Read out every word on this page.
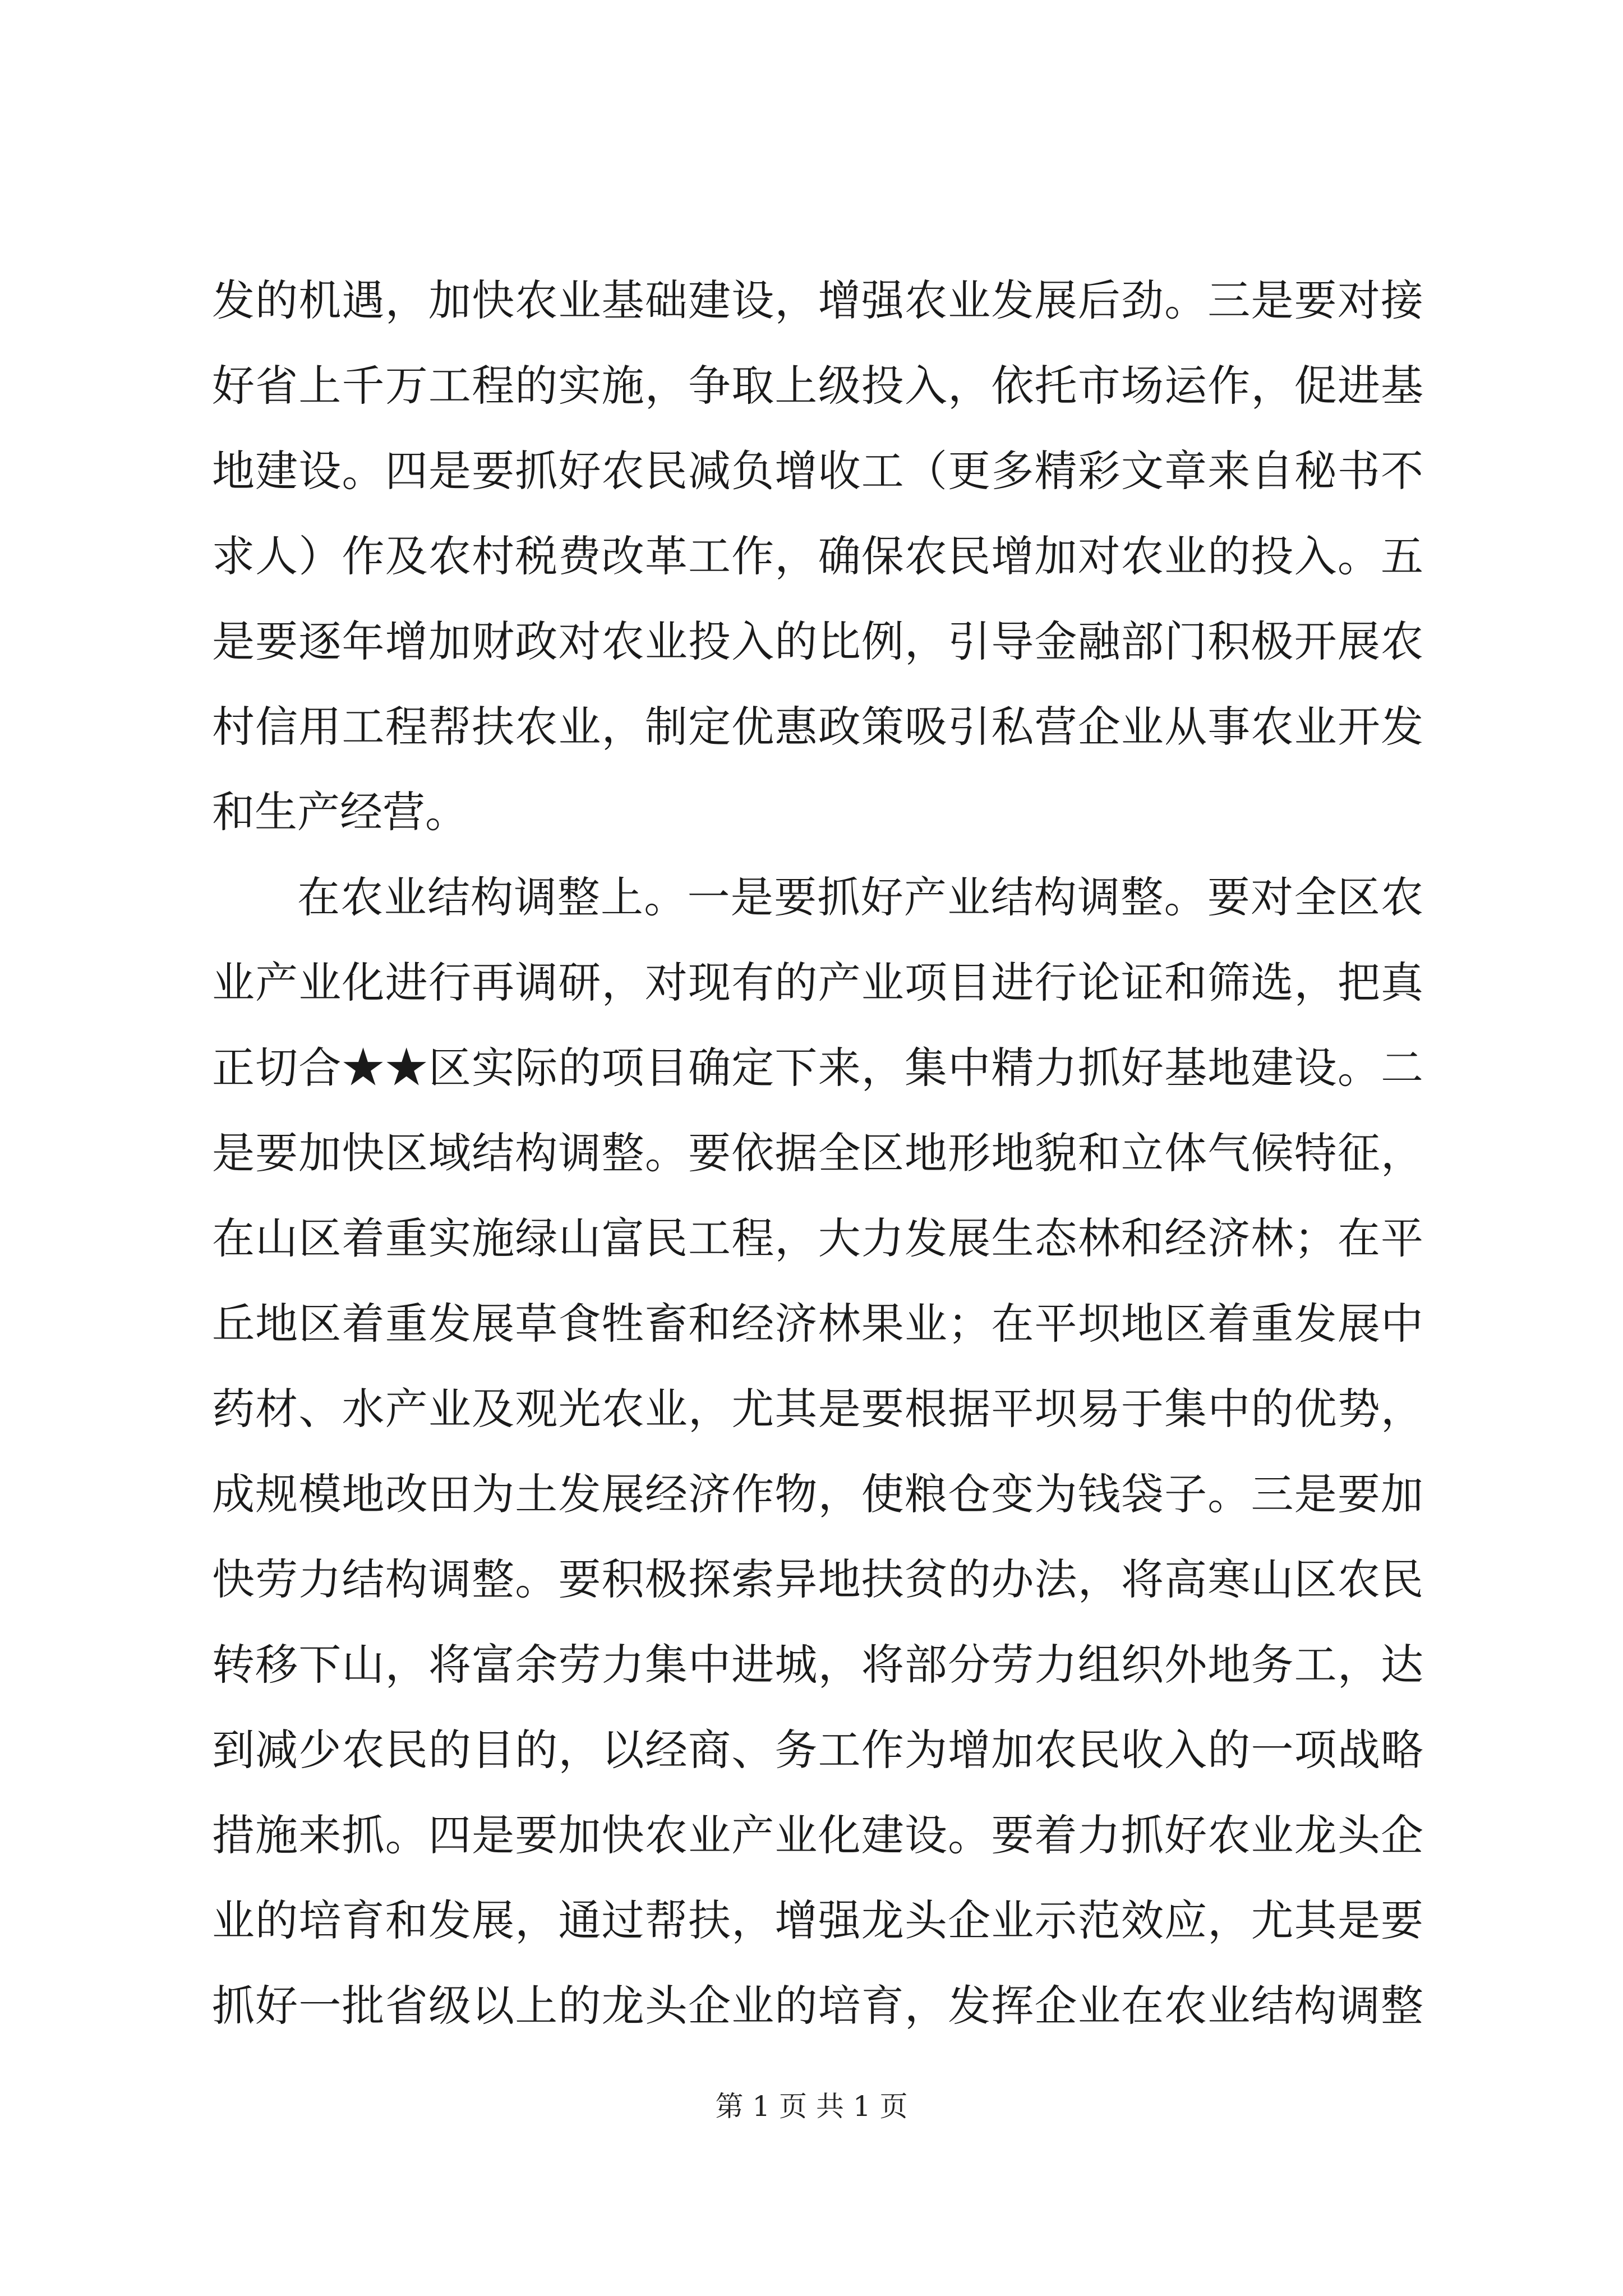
发的机遇，加快农业基础建设，增强农业发展后劲。三是要对接
好省上千万工程的实施，争取上级投入，依托市场运作，促进基
地建设。四是要抓好农民减负增收工（更多精彩文章来自秘书不
求人）作及农村税费改革工作，确保农民增加对农业的投入。五
是要逐年增加财政对农业投入的比例，引导金融部门积极开展农
村信用工程帮扶农业，制定优惠政策吸引私营企业从事农业开发
和生产经营。
在农业结构调整上。一是要抓好产业结构调整。要对全区农
业产业化进行再调研，对现有的产业项目进行论证和筛选，把真
正切合★★区实际的项目确定下来，集中精力抓好基地建设。二
是要加快区域结构调整。要依据全区地形地貌和立体气候特征，
在山区着重实施绿山富民工程，大力发展生态林和经济林；在平
丘地区着重发展草食牲畜和经济林果业；在平坝地区着重发展中
药材、水产业及观光农业，尤其是要根据平坝易于集中的优势，
成规模地改田为土发展经济作物，使粮仓变为钱袋子。三是要加
快劳力结构调整。要积极探索异地扶贫的办法，将高寒山区农民
转移下山，将富余劳力集中进城，将部分劳力组织外地务工，达
到减少农民的目的，以经商、务工作为增加农民收入的一项战略
措施来抓。四是要加快农业产业化建设。要着力抓好农业龙头企
业的培育和发展，通过帮扶，增强龙头企业示范效应，尤其是要
抓好一批省级以上的龙头企业的培育，发挥企业在农业结构调整
第 1 页 共 1 页
